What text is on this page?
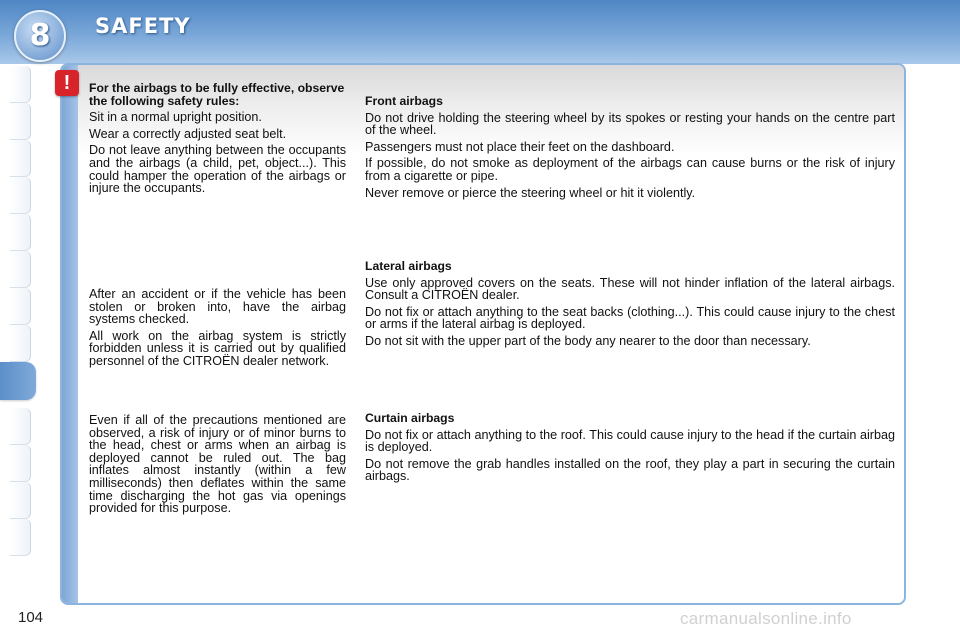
8	SAFETY
!	For the airbags to be fully effective, observe the following safety rules:

Sit in a normal upright position.

Wear a correctly adjusted seat belt.

Do not leave anything between the occupants and the airbags (a child, pet, object...). This could hamper the operation of the airbags or injure the occupants.

After an accident or if the vehicle has been stolen or broken into, have the airbag systems checked.

All work on the airbag system is strictly forbidden unless it is carried out by qualified personnel of the CITROËN dealer network.

Even if all of the precautions mentioned are observed, a risk of injury or of minor burns to the head, chest or arms when an airbag is deployed cannot be ruled out. The bag inflates almost instantly (within a few milliseconds) then deflates within the same time discharging the hot gas via openings provided for this purpose.

Front airbags

Do not drive holding the steering wheel by its spokes or resting your hands on the centre part of the wheel.

Passengers must not place their feet on the dashboard.

If possible, do not smoke as deployment of the airbags can cause burns or the risk of injury from a cigarette or pipe.

Never remove or pierce the steering wheel or hit it violently.

Lateral airbags

Use only approved covers on the seats. These will not hinder inflation of the lateral airbags. Consult a CITROËN dealer.

Do not fix or attach anything to the seat backs (clothing...). This could cause injury to the chest or arms if the lateral airbag is deployed.

Do not sit with the upper part of the body any nearer to the door than necessary.

Curtain airbags

Do not fix or attach anything to the roof. This could cause injury to the head if the curtain airbag is deployed.

Do not remove the grab handles installed on the roof, they play a part in securing the curtain airbags.

104	carmanualsonline.info
